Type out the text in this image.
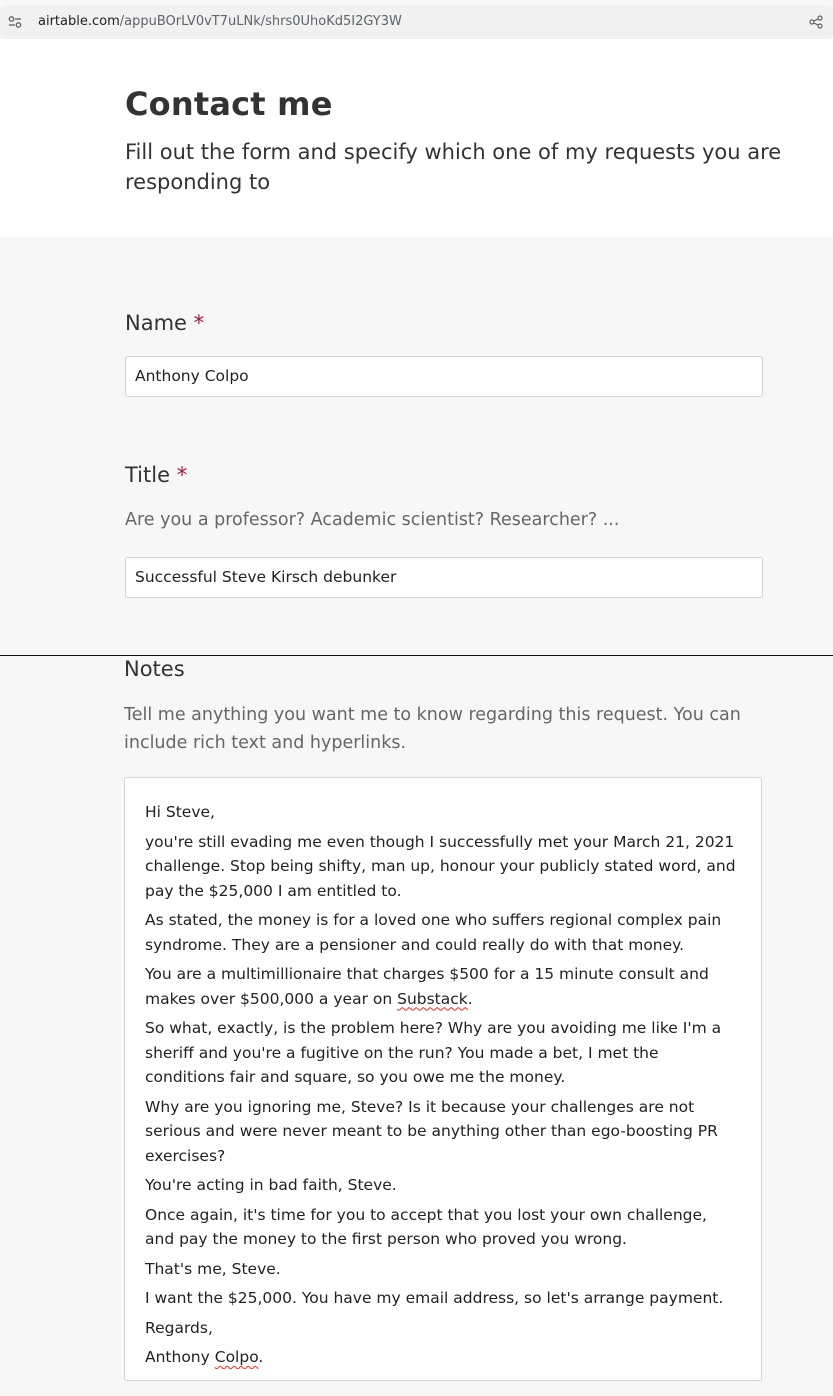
airtable.com/appuBOrLV0vT7uLNk/shrs0UhoKd5I2GY3W
Contact me

Fill out the form and specify which one of my requests you are responding to

Name *
Anthony Colpo
Title *
Are you a professor? Academic scientist? Researcher? ...
Successful Steve Kirsch debunker
Notes
Tell me anything you want me to know regarding this request. You can include rich text and hyperlinks.

Hi Steve,

you're still evading me even though I successfully met your March 21, 2021 challenge. Stop being shifty, man up, honour your publicly stated word, and pay the $25,000 I am entitled to.

As stated, the money is for a loved one who suffers regional complex pain syndrome. They are a pensioner and could really do with that money.

You are a multimillionaire that charges $500 for a 15 minute consult and makes over $500,000 a year on Substack.

So what, exactly, is the problem here? Why are you avoiding me like I'm a sheriff and you're a fugitive on the run? You made a bet, I met the conditions fair and square, so you owe me the money.

Why are you ignoring me, Steve? Is it because your challenges are not serious and were never meant to be anything other than ego-boosting PR exercises?

You're acting in bad faith, Steve.

Once again, it's time for you to accept that you lost your own challenge, and pay the money to the first person who proved you wrong.

That's me, Steve.

I want the $25,000. You have my email address, so let's arrange payment.

Regards,

Anthony Colpo.
